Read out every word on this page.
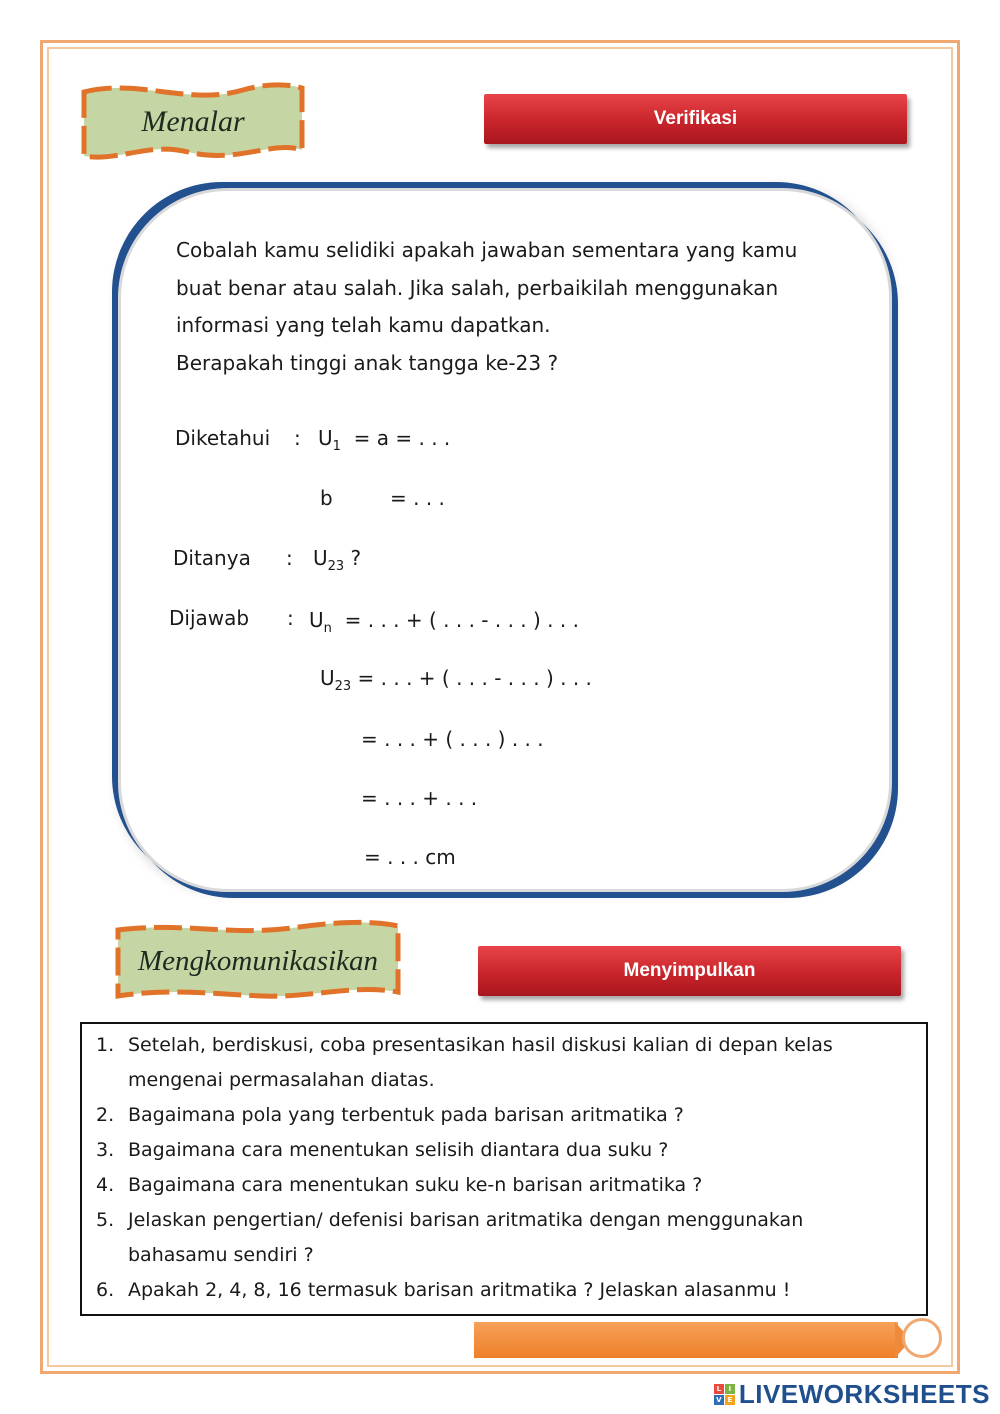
Menalar	Verifikasi
Cobalah kamu selidiki apakah jawaban sementara yang kamu
buat benar atau salah. Jika salah, perbaikilah menggunakan
informasi yang telah kamu dapatkan.
Berapakah tinggi anak tangga ke-23 ?
Diketahui : $U_1 = a$ = . . .
b	= . . .
Ditanya : $U_{23}$ ?
Dijawab : $U_n$ = . . . + ( . . . - . . . ) . . .
$U_{23}$ = . . . + ( . . . - . . . ) . . .
= . . . + ( . . . ) . . .
= . . . + . . .
= . . . cm
Mengkomunikasikan	Menyimpulkan
1. Setelah, berdiskusi, coba presentasikan hasil diskusi kalian di depan kelas
mengenai permasalahan diatas.
2. Bagaimana pola yang terbentuk pada barisan aritmatika ?
3. Bagaimana cara menentukan selisih diantara dua suku ?
4. Bagaimana cara menentukan suku ke-n barisan aritmatika ?
5. Jelaskan pengertian/ defenisi barisan aritmatika dengan menggunakan
bahasamu sendiri ?
6. Apakah 2, 4, 8, 16 termasuk barisan aritmatika ? Jelaskan alasanmu !
L	I
V E LIVEWORKSHEETS
